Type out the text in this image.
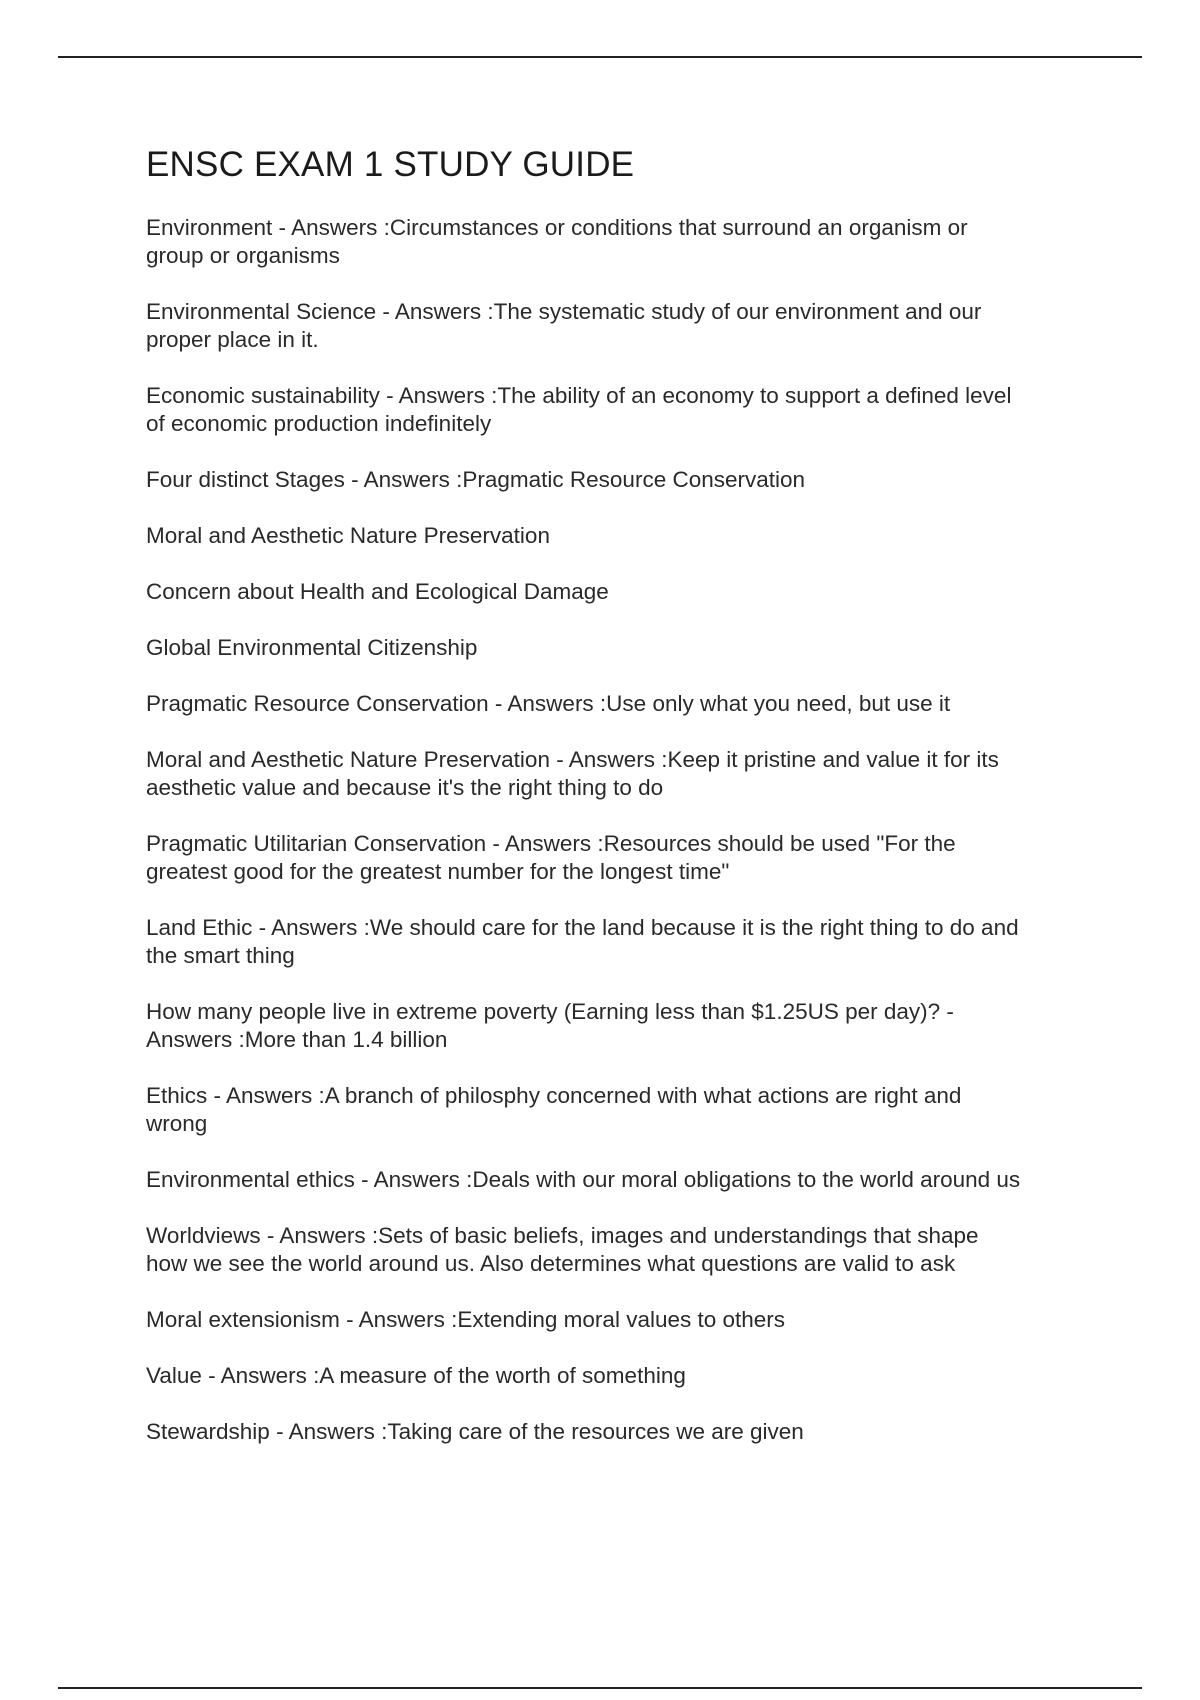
ENSC EXAM 1 STUDY GUIDE
Environment - Answers :Circumstances or conditions that surround an organism or
group or organisms
Environmental Science - Answers :The systematic study of our environment and our
proper place in it.
Economic sustainability - Answers :The ability of an economy to support a defined level
of economic production indefinitely
Four distinct Stages - Answers :Pragmatic Resource Conservation
Moral and Aesthetic Nature Preservation
Concern about Health and Ecological Damage
Global Environmental Citizenship
Pragmatic Resource Conservation - Answers :Use only what you need, but use it
Moral and Aesthetic Nature Preservation - Answers :Keep it pristine and value it for its
aesthetic value and because it's the right thing to do
Pragmatic Utilitarian Conservation - Answers :Resources should be used "For the
greatest good for the greatest number for the longest time"
Land Ethic - Answers :We should care for the land because it is the right thing to do and
the smart thing
How many people live in extreme poverty (Earning less than $1.25US per day)? -
Answers :More than 1.4 billion
Ethics - Answers :A branch of philosphy concerned with what actions are right and
wrong
Environmental ethics - Answers :Deals with our moral obligations to the world around us
Worldviews - Answers :Sets of basic beliefs, images and understandings that shape
how we see the world around us. Also determines what questions are valid to ask
Moral extensionism - Answers :Extending moral values to others
Value - Answers :A measure of the worth of something
Stewardship - Answers :Taking care of the resources we are given
